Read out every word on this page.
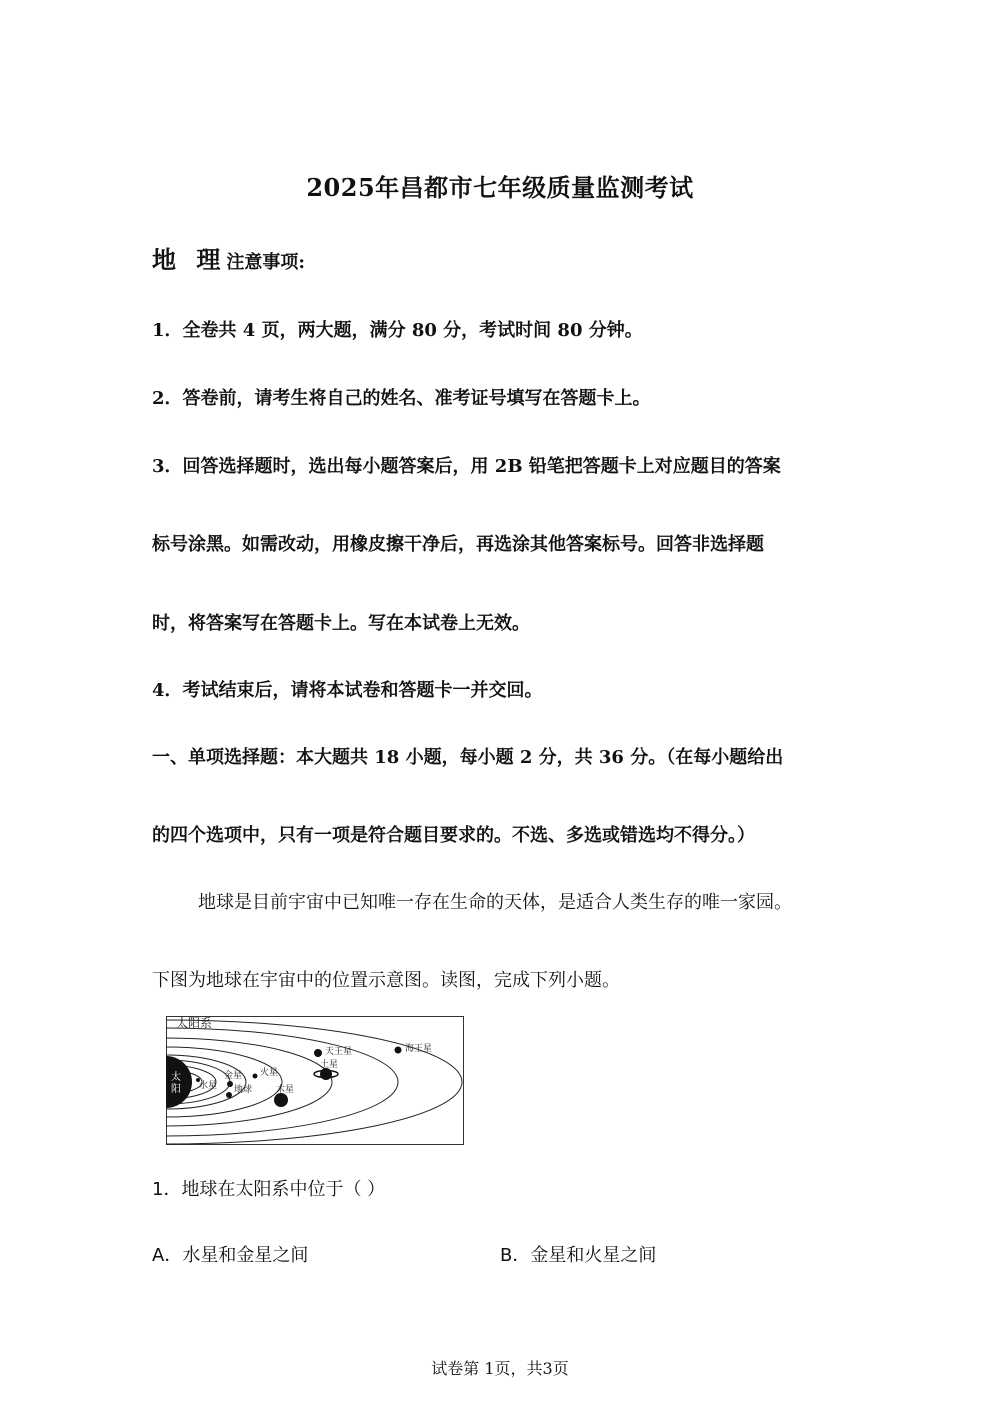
2025年昌都市七年级质量监测考试
地 理注意事项:
1．全卷共 4 页，两大题，满分 80 分，考试时间 80 分钟。
2．答卷前，请考生将自己的姓名、准考证号填写在答题卡上。
3．回答选择题时，选出每小题答案后，用 2B 铅笔把答题卡上对应题目的答案
标号涂黑。如需改动，用橡皮擦干净后，再选涂其他答案标号。回答非选择题
时，将答案写在答题卡上。写在本试卷上无效。
4．考试结束后，请将本试卷和答题卡一并交回。
一、单项选择题：本大题共 18 小题，每小题 2 分，共 36 分。（在每小题给出
的四个选项中，只有一项是符合题目要求的。不选、多选或错选均不得分。）
地球是目前宇宙中已知唯一存在生命的天体，是适合人类生存的唯一家园。
下图为地球在宇宙中的位置示意图。读图，完成下列小题。
太
阳
太阳系
水星
金星 火星
地球	木星
土星
天王星	海王星
1．地球在太阳系中位于（ ）
A．水星和金星之间	B．金星和火星之间
试卷第 1页，共3页
